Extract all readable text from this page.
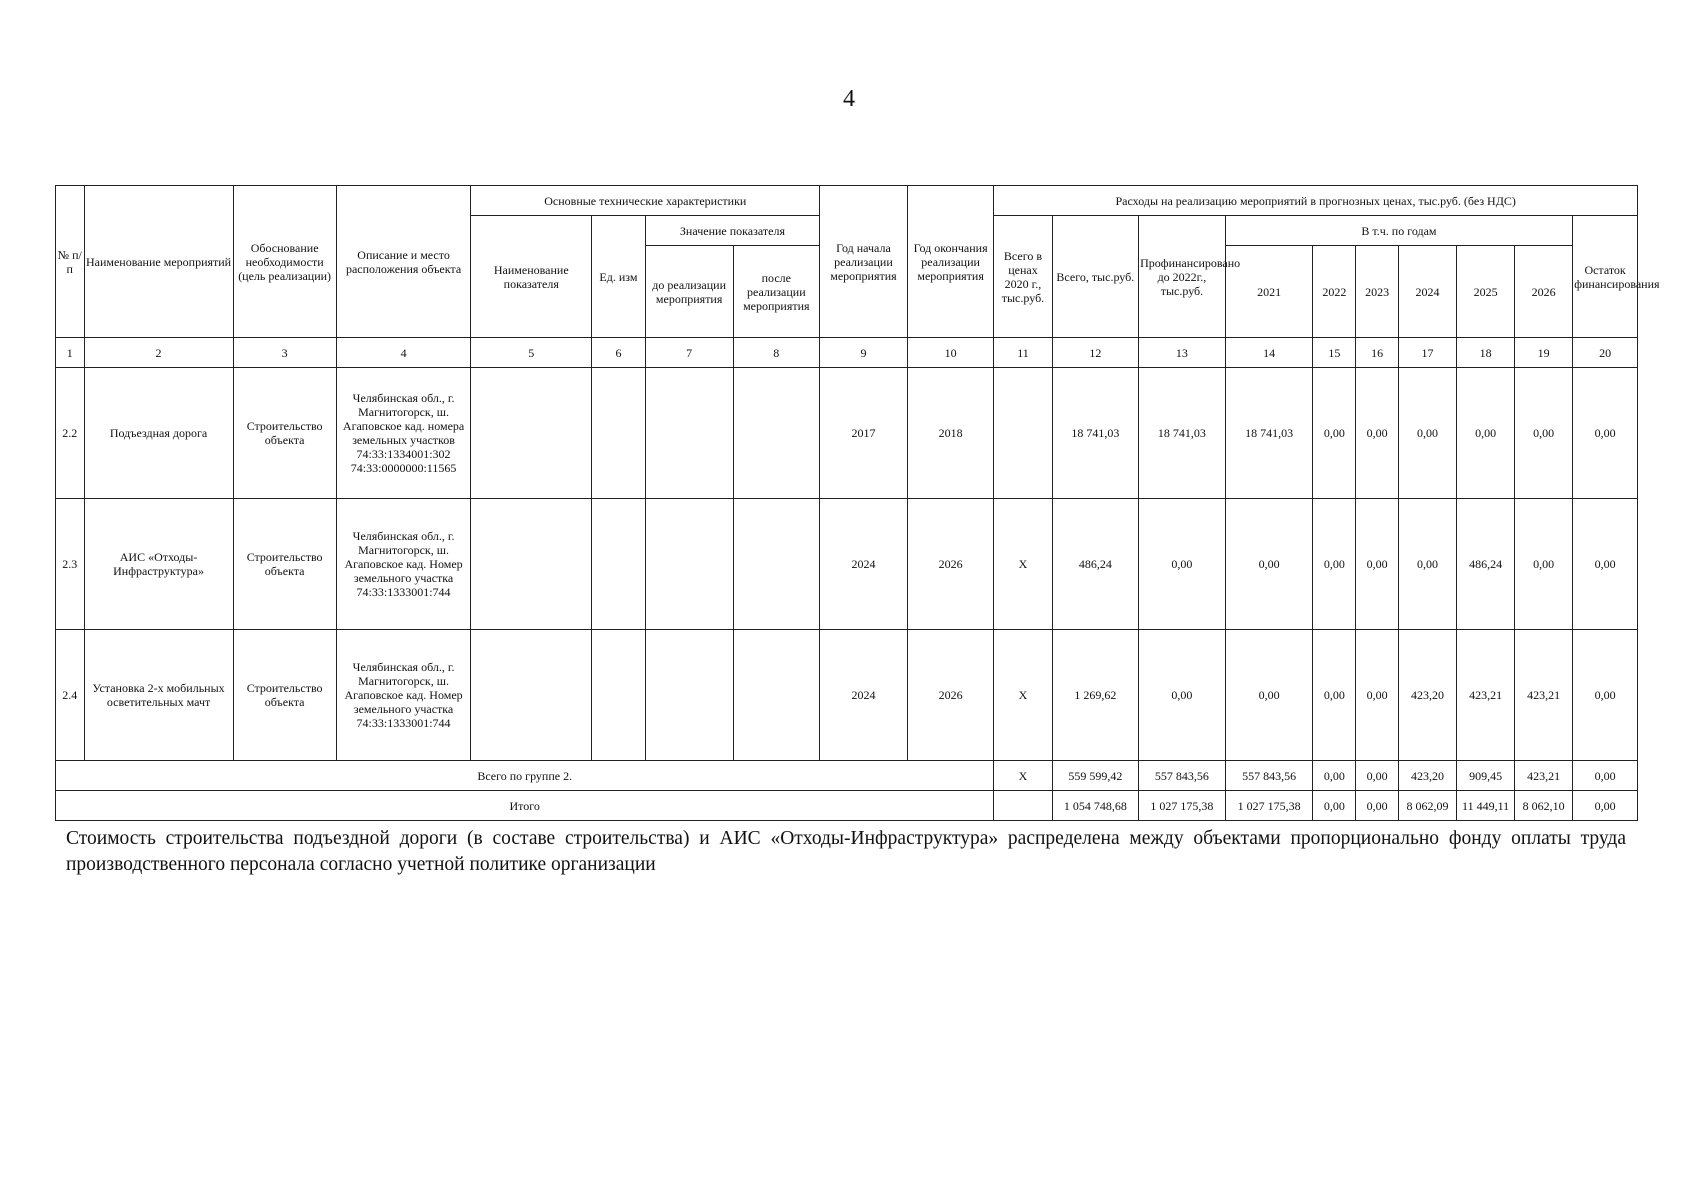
4
№ п/п	Наименование мероприятий	Обоснование необходимости (цель реализации)	Описание и место расположения объекта	Основные технические характеристики				Год начала реализации мероприятия	Год окончания реализации мероприятия	Расходы на реализацию мероприятий в прогнозных ценах, тыс.руб. (без НДС)									
				Наименование показателя	Ед. изм	Значение показателя				Всего в ценах 2020 г., тыс.руб.	Всего, тыс.руб.	Профинансировано до 2022г., тыс.руб.	В т.ч. по годам						Остаток финансирования
						до реализации мероприятия	после реализации мероприятия						2021	2022	2023	2024	2025	2026	
1	2	3	4	5	6	7	8	9	10	11	12	13	14	15	16	17	18	19	20
2.2	Подъездная дорога	Строительство объекта	Челябинская обл., г. Магнитогорск, ш. Агаповское кад. номера земельных участков 74:33:1334001:302 74:33:0000000:11565					2017	2018		18 741,03	18 741,03	18 741,03	0,00	0,00	0,00	0,00	0,00	0,00
2.3	АИС «Отходы-Инфраструктура»	Строительство объекта	Челябинская обл., г. Магнитогорск, ш. Агаповское кад. Номер земельного участка 74:33:1333001:744					2024	2026	X	486,24	0,00	0,00	0,00	0,00	0,00	486,24	0,00	0,00
2.4	Установка 2-х мобильных осветительных мачт	Строительство объекта	Челябинская обл., г. Магнитогорск, ш. Агаповское кад. Номер земельного участка 74:33:1333001:744					2024	2026	X	1 269,62	0,00	0,00	0,00	0,00	423,20	423,21	423,21	0,00
Всего по группе 2.										X	559 599,42	557 843,56	557 843,56	0,00	0,00	423,20	909,45	423,21	0,00
Итого											1 054 748,68	1 027 175,38	1 027 175,38	0,00	0,00	8 062,09	11 449,11	8 062,10	0,00
Стоимость строительства подъездной дороги (в составе строительства) и АИС «Отходы-Инфраструктура» распределена между объектами пропорционально фонду оплаты труда производственного персонала согласно учетной политике организации
